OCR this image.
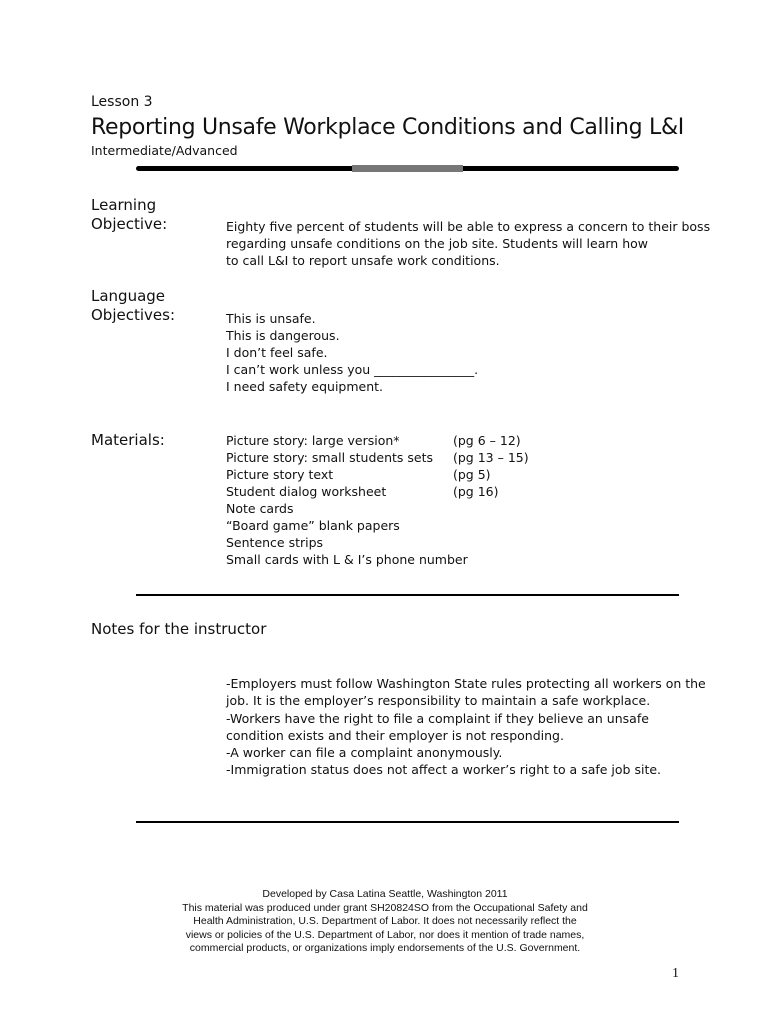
Lesson 3
Reporting Unsafe Workplace Conditions and Calling L&I
Intermediate/Advanced
Learning
Objective:	Eighty five percent of students will be able to express a concern to their boss
regarding unsafe conditions on the job site. Students will learn how
to call L&I to report unsafe work conditions.
Language
Objectives:	This is unsafe.
This is dangerous.
I don’t feel safe.
I can’t work unless you ________________.
I need safety equipment.
Materials:	Picture story: large version*	(pg 6 – 12)
Picture story: small students sets	(pg 13 – 15)
Picture story text	(pg 5)
Student dialog worksheet	(pg 16)
Note cards
“Board game” blank papers
Sentence strips
Small cards with L & I’s phone number
Notes for the instructor
-Employers must follow Washington State rules protecting all workers on the
job. It is the employer’s responsibility to maintain a safe workplace.
-Workers have the right to file a complaint if they believe an unsafe
condition exists and their employer is not responding.
-A worker can file a complaint anonymously.
-Immigration status does not affect a worker’s right to a safe job site.
Developed by Casa Latina Seattle, Washington 2011
This material was produced under grant SH20824SO from the Occupational Safety and
Health Administration, U.S. Department of Labor. It does not necessarily reflect the
views or policies of the U.S. Department of Labor, nor does it mention of trade names,
commercial products, or organizations imply endorsements of the U.S. Government.
1
